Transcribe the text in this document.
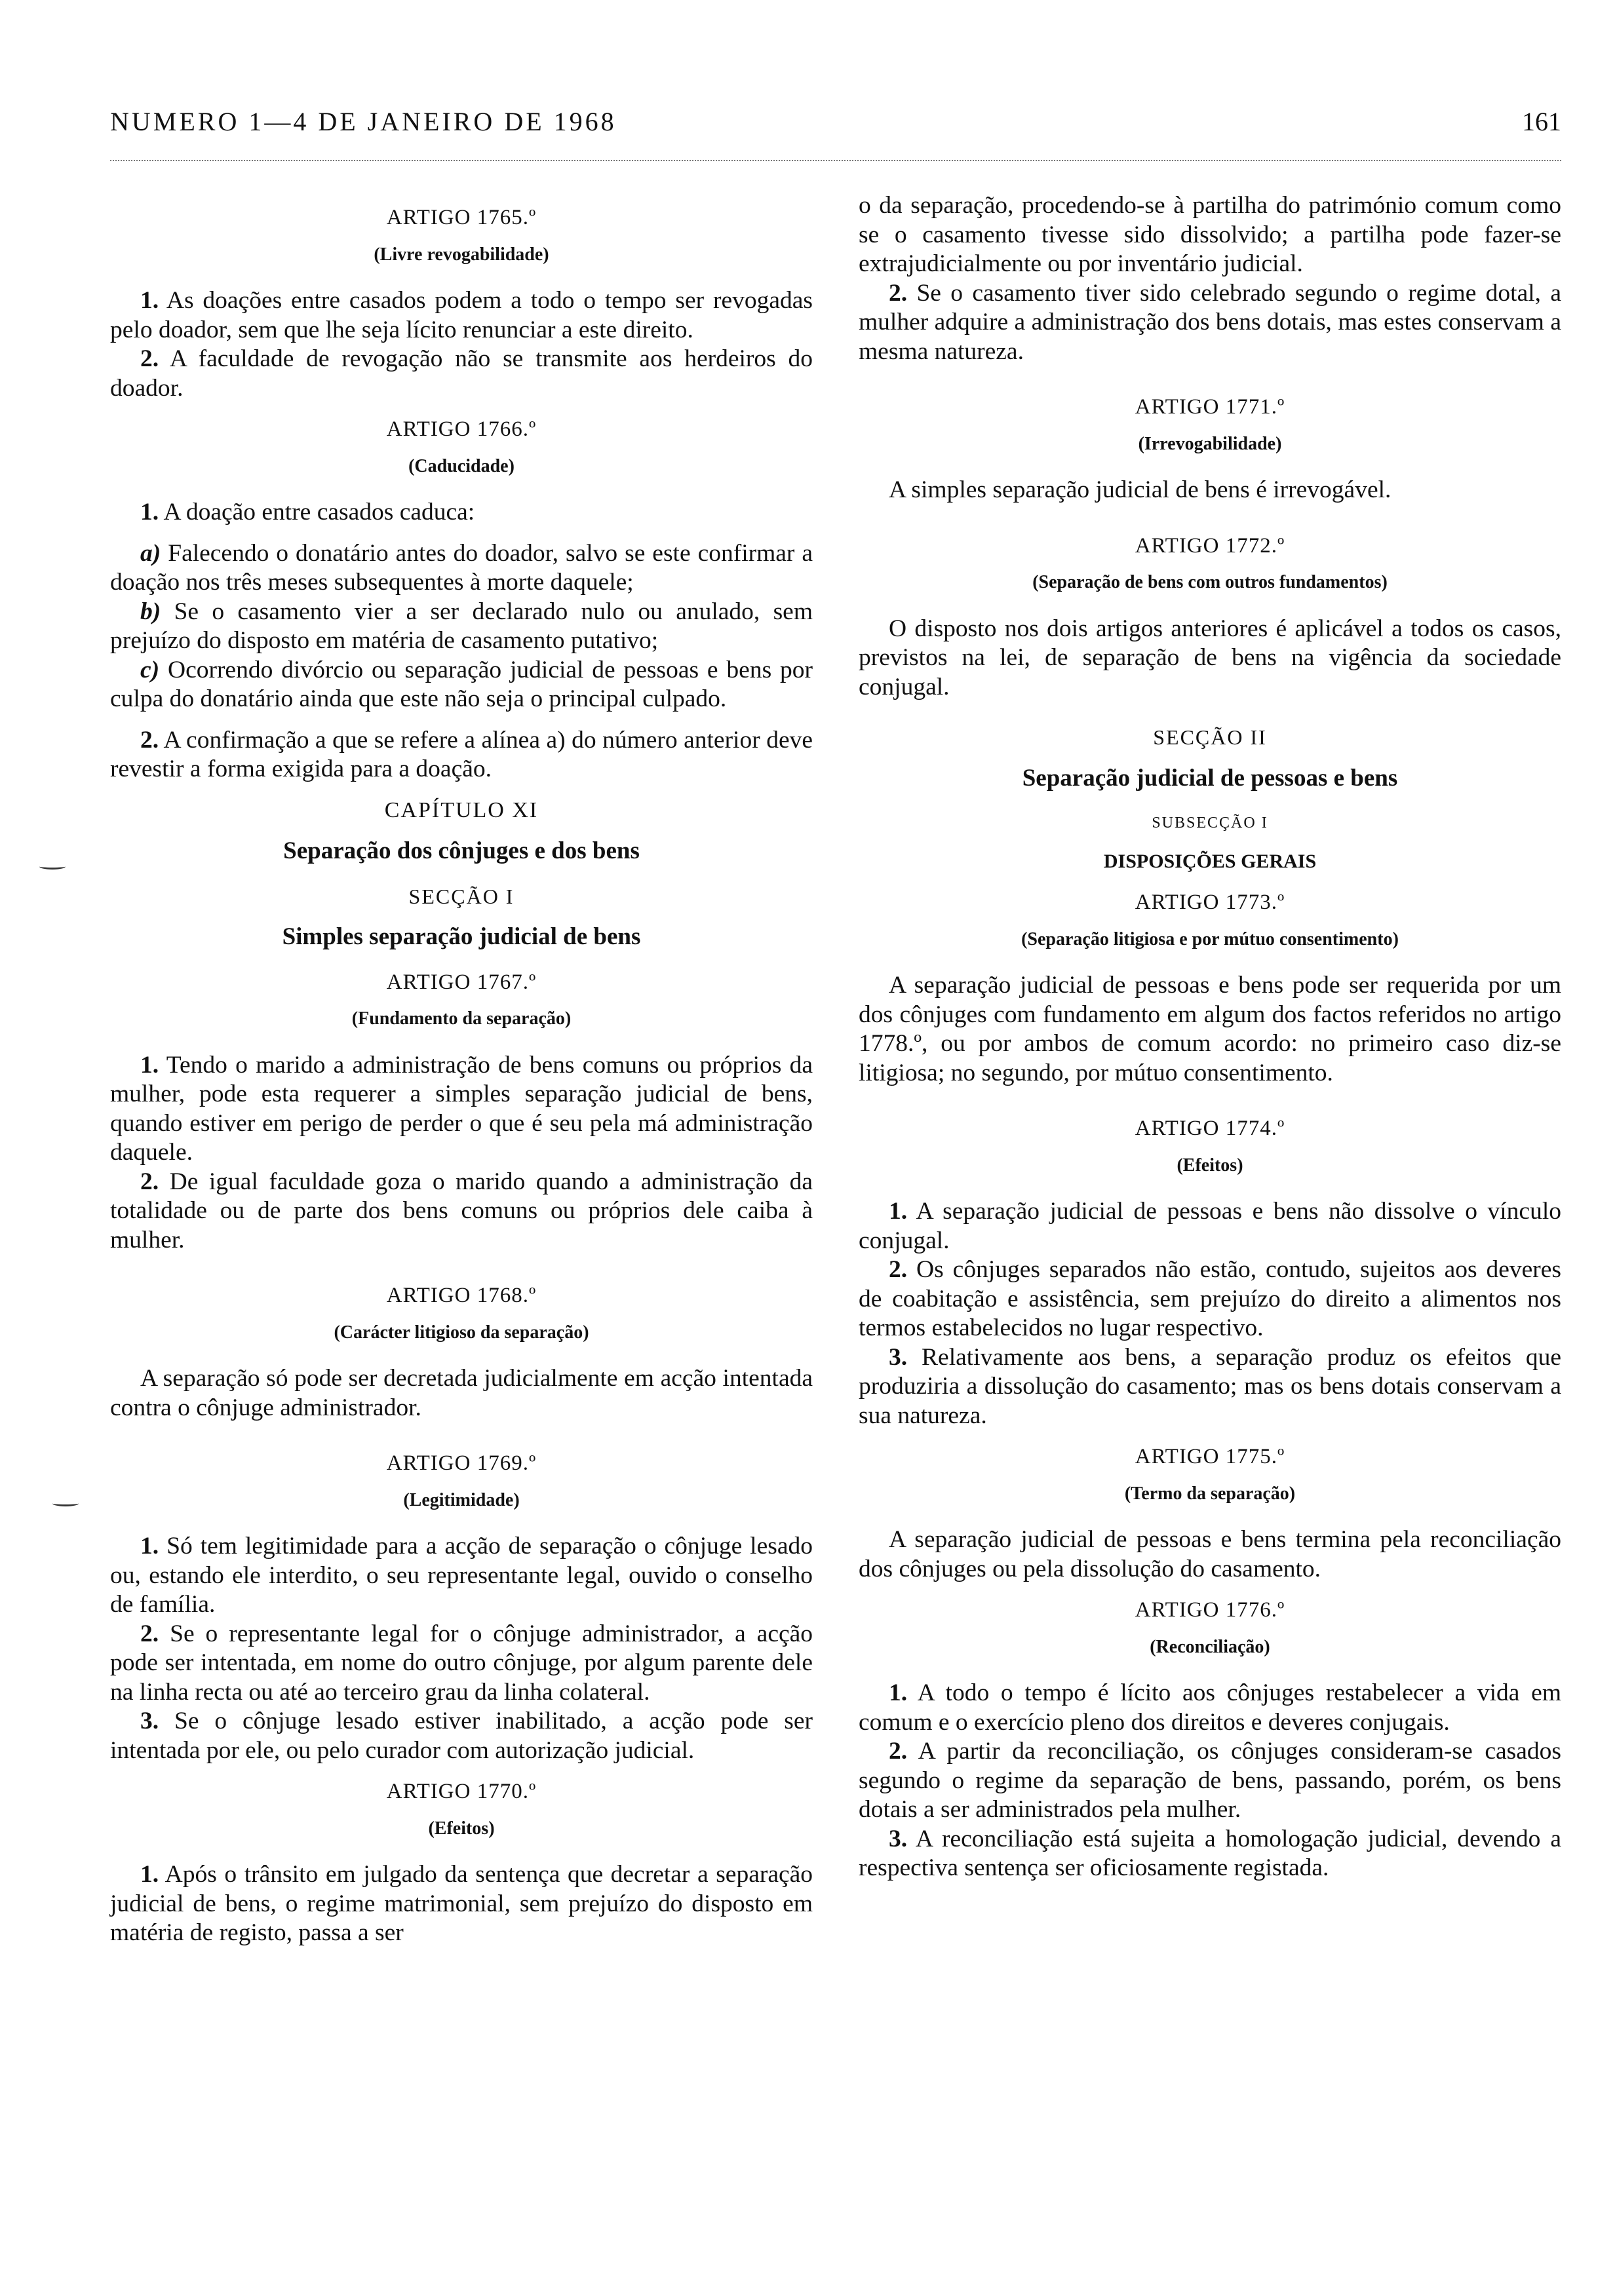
NUMERO 1—4 DE JANEIRO DE 1968	161
ARTIGO 1765.º
(Livre revogabilidade)

1. As doações entre casados podem a todo o tempo ser revogadas pelo doador, sem que lhe seja lícito renunciar a este direito.

2. A faculdade de revogação não se transmite aos herdeiros do doador.

ARTIGO 1766.º
(Caducidade)

1. A doação entre casados caduca:

a) Falecendo o donatário antes do doador, salvo se este confirmar a doação nos três meses subsequentes à morte daquele;

b) Se o casamento vier a ser declarado nulo ou anulado, sem prejuízo do disposto em matéria de casamento putativo;

c) Ocorrendo divórcio ou separação judicial de pessoas e bens por culpa do donatário ainda que este não seja o principal culpado.

2. A confirmação a que se refere a alínea a) do número anterior deve revestir a forma exigida para a doação.

CAPÍTULO XI
Separação dos cônjuges e dos bens
SECÇÃO I
Simples separação judicial de bens
ARTIGO 1767.º
(Fundamento da separação)

1. Tendo o marido a administração de bens comuns ou próprios da mulher, pode esta requerer a simples separação judicial de bens, quando estiver em perigo de perder o que é seu pela má administração daquele.

2. De igual faculdade goza o marido quando a administração da totalidade ou de parte dos bens comuns ou próprios dele caiba à mulher.

ARTIGO 1768.º
(Carácter litigioso da separação)

A separação só pode ser decretada judicialmente em acção intentada contra o cônjuge administrador.

ARTIGO 1769.º
(Legitimidade)

1. Só tem legitimidade para a acção de separação o cônjuge lesado ou, estando ele interdito, o seu representante legal, ouvido o conselho de família.

2. Se o representante legal for o cônjuge administrador, a acção pode ser intentada, em nome do outro cônjuge, por algum parente dele na linha recta ou até ao terceiro grau da linha colateral.

3. Se o cônjuge lesado estiver inabilitado, a acção pode ser intentada por ele, ou pelo curador com autorização judicial.

ARTIGO 1770.º
(Efeitos)

1. Após o trânsito em julgado da sentença que decretar a separação judicial de bens, o regime matrimonial, sem prejuízo do disposto em matéria de registo, passa a ser

o da separação, procedendo-se à partilha do património comum como se o casamento tivesse sido dissolvido; a partilha pode fazer-se extrajudicialmente ou por inventário judicial.

2. Se o casamento tiver sido celebrado segundo o regime dotal, a mulher adquire a administração dos bens dotais, mas estes conservam a mesma natureza.

ARTIGO 1771.º
(Irrevogabilidade)

A simples separação judicial de bens é irrevogável.

ARTIGO 1772.º
(Separação de bens com outros fundamentos)

O disposto nos dois artigos anteriores é aplicável a todos os casos, previstos na lei, de separação de bens na vigência da sociedade conjugal.

SECÇÃO II
Separação judicial de pessoas e bens
SUBSECÇÃO I
DISPOSIÇÕES GERAIS
ARTIGO 1773.º
(Separação litigiosa e por mútuo consentimento)

A separação judicial de pessoas e bens pode ser requerida por um dos cônjuges com fundamento em algum dos factos referidos no artigo 1778.º, ou por ambos de comum acordo: no primeiro caso diz-se litigiosa; no segundo, por mútuo consentimento.

ARTIGO 1774.º
(Efeitos)

1. A separação judicial de pessoas e bens não dissolve o vínculo conjugal.

2. Os cônjuges separados não estão, contudo, sujeitos aos deveres de coabitação e assistência, sem prejuízo do direito a alimentos nos termos estabelecidos no lugar respectivo.

3. Relativamente aos bens, a separação produz os efeitos que produziria a dissolução do casamento; mas os bens dotais conservam a sua natureza.

ARTIGO 1775.º
(Termo da separação)

A separação judicial de pessoas e bens termina pela reconciliação dos cônjuges ou pela dissolução do casamento.

ARTIGO 1776.º
(Reconciliação)

1. A todo o tempo é lícito aos cônjuges restabelecer a vida em comum e o exercício pleno dos direitos e deveres conjugais.

2. A partir da reconciliação, os cônjuges consideram-se casados segundo o regime da separação de bens, passando, porém, os bens dotais a ser administrados pela mulher.

3. A reconciliação está sujeita a homologação judicial, devendo a respectiva sentença ser oficiosamente registada.
